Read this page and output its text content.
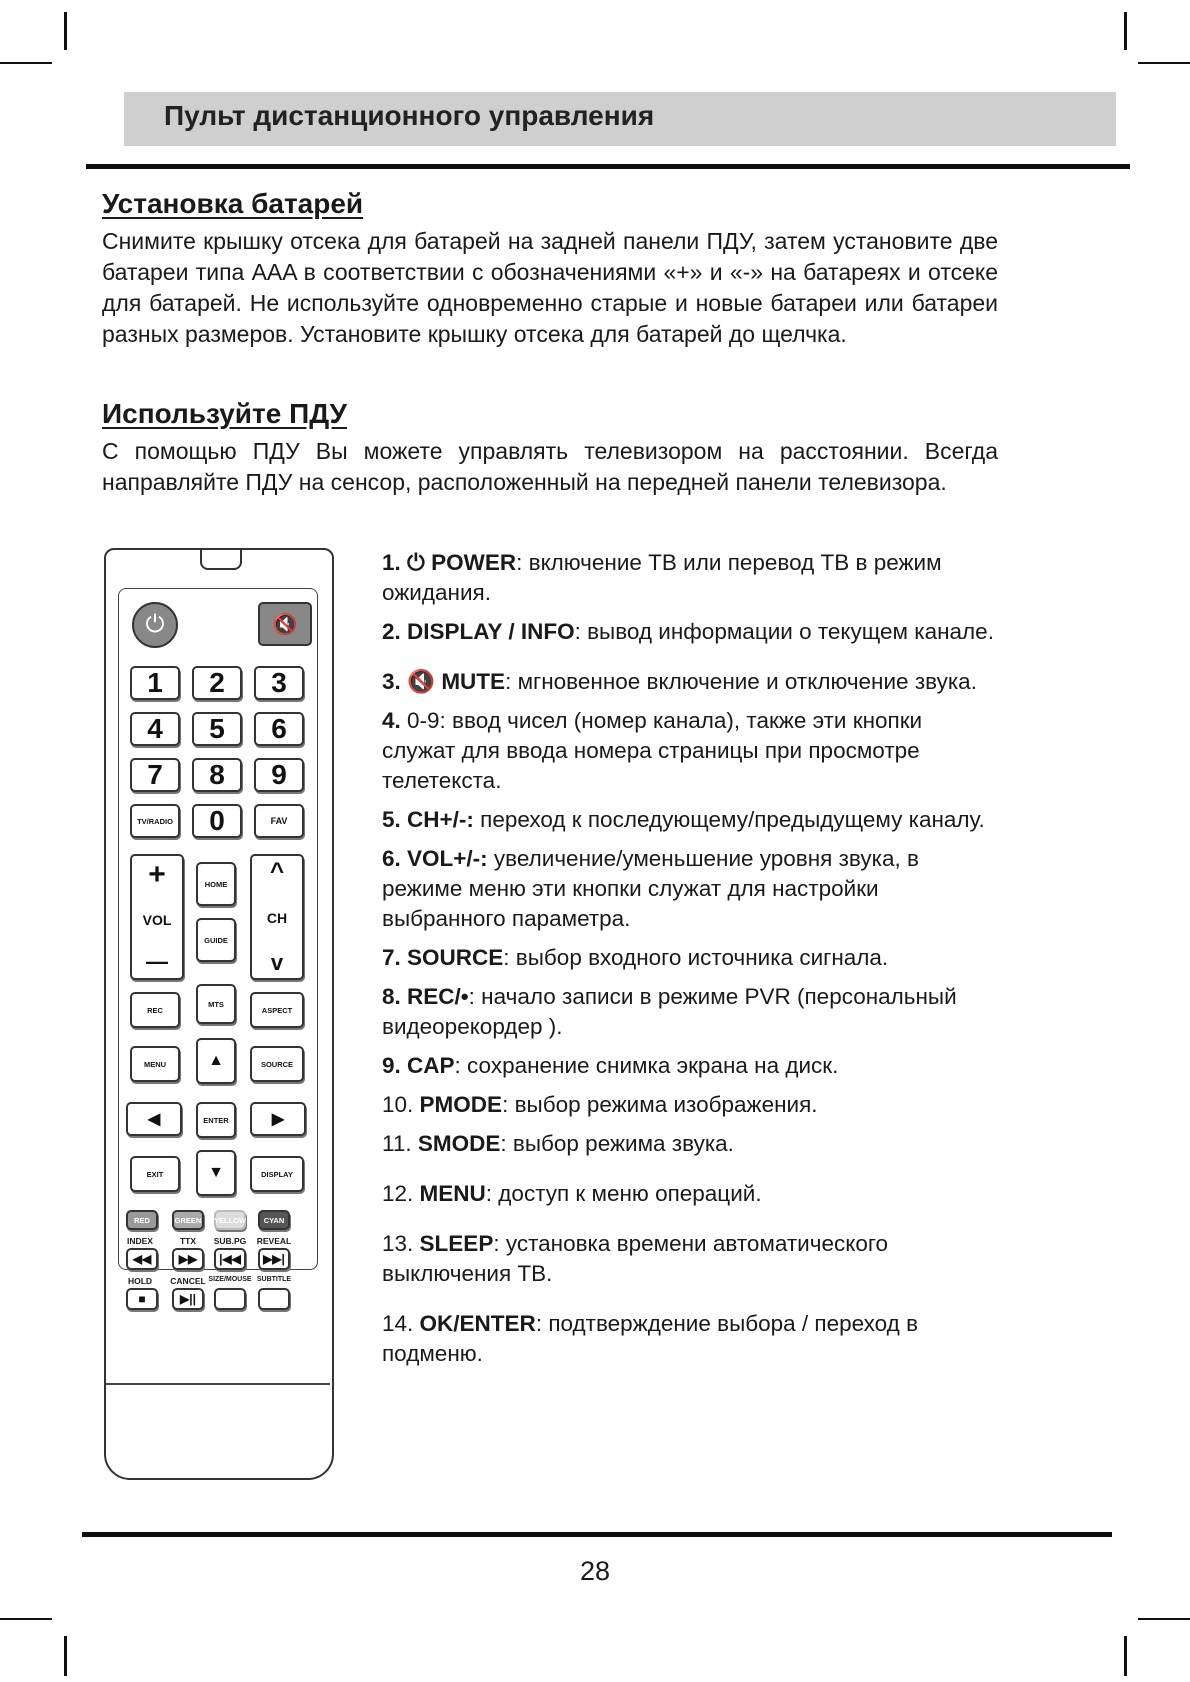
Пульт дистанционного управления
Установка батарей
Снимите крышку отсека для батарей на задней панели ПДУ, затем установите две батареи типа AAA в соответствии с обозначениями «+» и «-» на батареях и отсеке для батарей. Не используйте одновременно старые и новые батареи или батареи разных размеров. Установите крышку отсека для батарей до щелчка.
Используйте ПДУ
С помощью ПДУ Вы можете управлять телевизором на расстоянии. Всегда направляйте ПДУ на сенсор, расположенный на передней панели телевизора.
⏻	🔇
1	2	3
4	5	6
7	8	9
TV/RADIO	0	FAV
+
VOL
—
HOME
GUIDE
^
CH
v
REC
MTS
ASPECT
MENU	▲	SOURCE
◀	ENTER	▶
EXIT	▼	DISPLAY
RED	GREEN	YELLOW	CYAN
INDEX	TTX	SUB.PG	REVEAL
◀◀ ▶▶ |◀◀ ▶▶|
HOLD	CANCEL SIZE/MOUSE SUBTITLE
■	▶||
1. ⏻ POWER: включение ТВ или перевод ТВ в режим ожидания.
2. DISPLAY / INFO: вывод информации о текущем канале.
3. 🔇 MUTE: мгновенное включение и отключение звука.
4. 0-9: ввод чисел (номер канала), также эти кнопки служат для ввода номера страницы при просмотре телетекста.
5. CH+/-: переход к последующему/предыдущему каналу.
6. VOL+/-: увеличение/уменьшение уровня звука, в режиме меню эти кнопки служат для настройки выбранного параметра.
7. SOURCE: выбор входного источника сигнала.
8. REC/•: начало записи в режиме PVR (персональный видеорекордер ).
9. CAP: сохранение снимка экрана на диск.
10. PMODE: выбор режима изображения.
11. SMODE: выбор режима звука.
12. MENU: доступ к меню операций.
13. SLEEP: установка времени автоматического выключения ТВ.
14. OK/ENTER: подтверждение выбора / переход в подменю.
28
